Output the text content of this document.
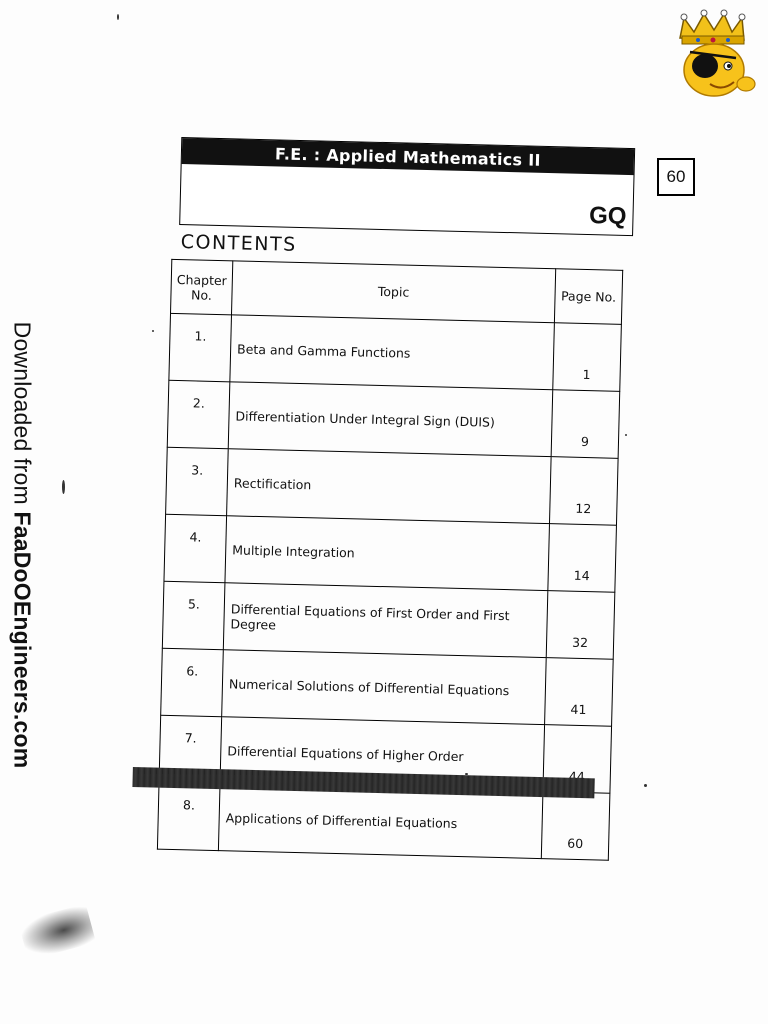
Downloaded from FaaDoOEngineers.com
60
F.E. : Applied Mathematics II
GQ
CONTENTS
Chapter
No.	Topic	Page No.
1.	Beta and Gamma Functions	1
2.	Differentiation Under Integral Sign (DUIS)	9
3.	Rectification	12
4.	Multiple Integration	14
5.	Differential Equations of First Order and First Degree	32
6.	Numerical Solutions of Differential Equations	41
7.	Differential Equations of Higher Order	44
8.	Applications of Differential Equations	60
